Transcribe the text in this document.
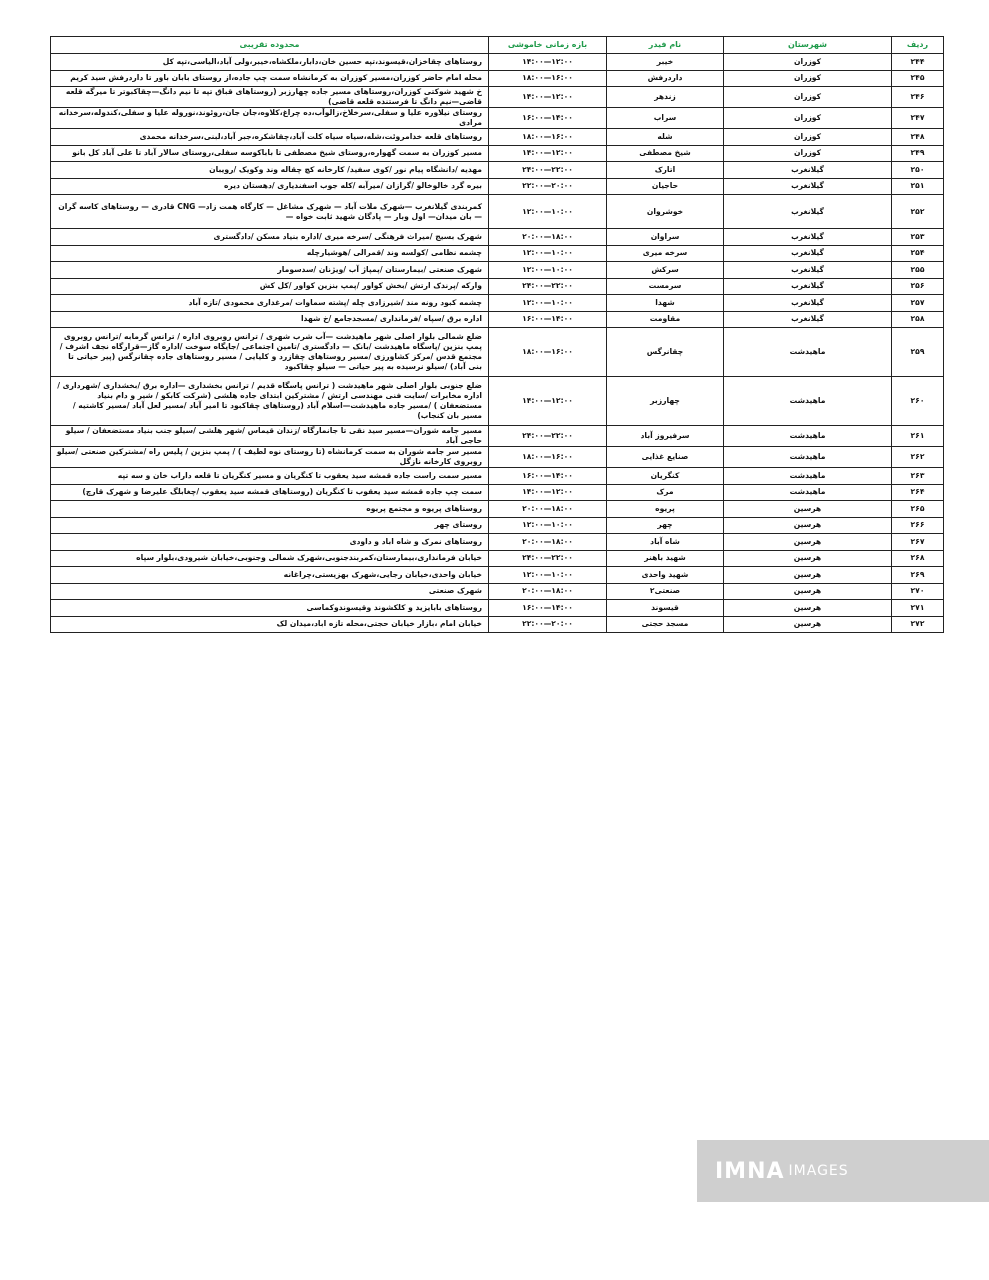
ردیف	شهرستان	نام فیدر	بازه زمانی خاموشی	محدوده تقریبی
۲۴۴	کوزران	خیبر	۱۲:۰۰—۱۴:۰۰	روستاهای چقاخزان،قیسوند،تپه حسین خان،دابار،ملکشاه،خیبر،ولی آباد،الیاسی،تپه کل
۲۴۵	کوزران	داردرفش	۱۶:۰۰—۱۸:۰۰	محله امام حاضر کوزران،مسیر کوزران به کرمانشاه سمت چپ جاده،از روستای بابان باور تا داردرفش سید کریم
۲۴۶	کوزران	زندهر	۱۲:۰۰—۱۴:۰۰	خ شهید شوکتی کوزران،روستاهای مسیر جاده چهارزبر (روستاهای قباق تپه تا نیم دانگ—چقاکبوتر تا میرگه قلعه قاضی—نیم دانگ تا فرستنده قلعه قاضی)
۲۴۷	کوزران	سراب	۱۴:۰۰—۱۶:۰۰	روستای نیلاوره علیا و سفلی،سرخلاخ،زالوآب،ده چراغ،کلاوه،جان جان،روئوند،نوروله علیا و سفلی،کندوله،سرخدانه مرادی
۲۴۸	کوزران	شله	۱۶:۰۰—۱۸:۰۰	روستاهای قلعه خدامروئت،شله،سیاه سیاه کلت آباد،چقاشکره،جبر آباد،لبنی،سرخدانه محمدی
۲۴۹	کوزران	شیخ مصطفی	۱۲:۰۰—۱۴:۰۰	مسیر کوزران به سمت گهواره،روستای شیخ مصطفی تا باباکوسه سفلی،روستای سالار آباد تا علی آباد کل بانو
۲۵۰	گیلانغرب	اتارک	۲۲:۰۰—۲۴:۰۰	مهدیه /دانشگاه پیام نور /کوی سفید/ کارخانه کچ چقاله وند وکویک /رویبان
۲۵۱	گیلانغرب	حاجیان	۲۰:۰۰—۲۲:۰۰	بیره گرد خالوخالو /گرازان /میرآبه /کله جوب اسفندیاری /دهستان دیره
۲۵۲	گیلانغرب	خوشروان	۱۰:۰۰—۱۲:۰۰	کمربندی گیلانغرب —شهرک ملات آباد — شهرک مشاغل — کارگاه همت زاد— CNG قادری — روستاهای کاسه گران — بان میدان— اول وبار — پادگان شهید ثابت خواه —
۲۵۳	گیلانغرب	سراوان	۱۸:۰۰—۲۰:۰۰	شهرک بسیج /میراث فرهنگی /سرخه میری /اداره بنیاد مسکن /دادگستری
۲۵۴	گیلانغرب	سرخه میری	۱۰:۰۰—۱۲:۰۰	چشمه نظامی /کولسه وند /قمرالی /هوشیارچله
۲۵۵	گیلانغرب	سرکش	۱۰:۰۰—۱۲:۰۰	شهرک صنعتی /بیمارستان /پمپاژ آب /ویژنان /سدسومار
۲۵۶	گیلانغرب	سرمست	۲۲:۰۰—۲۴:۰۰	وارکه /پرندک ارتش /بخش کواور /پمپ بنزین کواور /کل کش
۲۵۷	گیلانغرب	شهدا	۱۰:۰۰—۱۲:۰۰	چشمه کبود رونه مند /شیرزادی چله /پشته سماوات /مرغداری محمودی /تازه آباد
۲۵۸	گیلانغرب	مقاومت	۱۴:۰۰—۱۶:۰۰	اداره برق /سپاه /فرمانداری /مسجدجامع /خ شهدا
۲۵۹	ماهیدشت	چقانرگس	۱۶:۰۰—۱۸:۰۰	ضلع شمالی بلوار اصلی شهر ماهیدشت —آب شرب شهری / ترانس روبروی اداره / ترانس گرمابه /ترانس روبروی پمپ بنزین /پاسگاه ماهیدشت /بانک — دادگستری /تامین اجتماعی /جایگاه سوخت /اداره گاز—قرارگاه نجف اشرف /مجتمع قدس /مرکز کشاورزی /مسیر روستاهای چقازرد و کلیایی / مسیر روستاهای جاده چقانرگس (پیر حیاتی تا بنی آباد) /سیلو نرسیده به پیر حیاتی — سیلو چقاکبود
۲۶۰	ماهیدشت	چهارزبر	۱۲:۰۰—۱۴:۰۰	ضلع جنوبی بلوار اصلی شهر ماهیدشت ( ترانس پاسگاه قدیم / ترانس بخشداری —اداره برق /بخشداری /شهرداری /اداره مخابرات /سایت فنی مهندسی ارتش / مشترکین ابتدای جاده هلشی (شرکت کابکو / شیر و دام بنیاد مستضعفان ) /مسیر جاده ماهیدشت—اسلام آباد (روستاهای چقاکبود تا امیر آباد /مسیر لعل آباد /مسیر کاشتیه / مسیر بان کنجاب)
۲۶۱	ماهیدشت	سرفیروز آباد	۲۲:۰۰—۲۴:۰۰	مسیر جامه شوران—مسیر سید نقی تا جانمارگاه /زندان قیماس /شهر هلشی /سیلو جنب بنیاد مستضعفان / سیلو حاجی آباد
۲۶۲	ماهیدشت	صنایع غذایی	۱۶:۰۰—۱۸:۰۰	مسیر سر جامه شوران به سمت کرمانشاه (تا روستای نوه لطیف ) / پمپ بنزین / پلیس راه /مشترکین صنعتی /سیلو روبروی کارخانه نازگل
۲۶۳	ماهیدشت	کنگریان	۱۴:۰۰—۱۶:۰۰	مسیر سمت راست جاده قمشه سید یعقوب تا کنگریان و مسیر کنگریان تا قلعه داراب خان و سه تپه
۲۶۴	ماهیدشت	مرک	۱۲:۰۰—۱۴:۰۰	سمت چپ جاده قمشه سید یعقوب تا کنگریان (روستاهای قمشه سید یعقوب /چغابلگ علیرضا و شهرک قارچ)
۲۶۵	هرسین	پریوه	۱۸:۰۰—۲۰:۰۰	روستاهای پریوه و مجتمع پریوه
۲۶۶	هرسین	چهر	۱۰:۰۰—۱۲:۰۰	روستای چهر
۲۶۷	هرسین	شاه آباد	۱۸:۰۰—۲۰:۰۰	روستاهای نمرک و شاه اباد و داودی
۲۶۸	هرسین	شهید باهنر	۲۲:۰۰—۲۴:۰۰	خیابان فرمانداری،بیمارستان،کمربندجنوبی،شهرک شمالی وجنوبی،خیابان شیرودی،بلوار سپاه
۲۶۹	هرسین	شهید واحدی	۱۰:۰۰—۱۲:۰۰	خیابان واحدی،خیابان رجایی،شهرک بهزیستی،چراغانه
۲۷۰	هرسین	صنعتی۲	۱۸:۰۰—۲۰:۰۰	شهرک صنعتی
۲۷۱	هرسین	قیسوند	۱۴:۰۰—۱۶:۰۰	روستاهای بابایزید و کلکشوند وقیسوندوکماسی
۲۷۲	هرسین	مسجد حجتی	۲۰:۰۰—۲۲:۰۰	خیابان امام ،بازار خیابان حجتی،محله تازه اباد،میدان لک
IMNA IMAGES
